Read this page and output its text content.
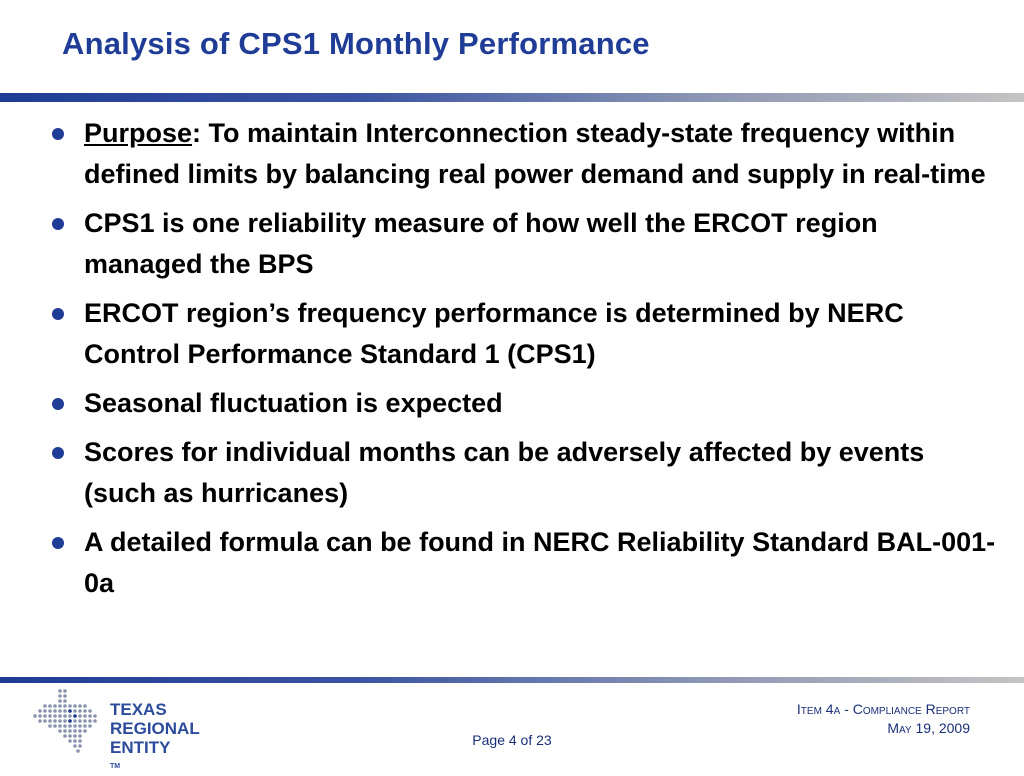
Analysis of CPS1 Monthly Performance
Purpose: To maintain Interconnection steady-state frequency within defined limits by balancing real power demand and supply in real-time
CPS1 is one reliability measure of how well the ERCOT region managed the BPS
ERCOT region’s frequency performance is determined by NERC Control Performance Standard 1 (CPS1)
Seasonal fluctuation is expected
Scores for individual months can be adversely affected by events (such as hurricanes)
A detailed formula can be found in NERC Reliability Standard BAL-001-0a
TEXAS
REGIONAL
ENTITY
TM
Item 4a - Compliance Report
May 19, 2009
Page 4 of 23
